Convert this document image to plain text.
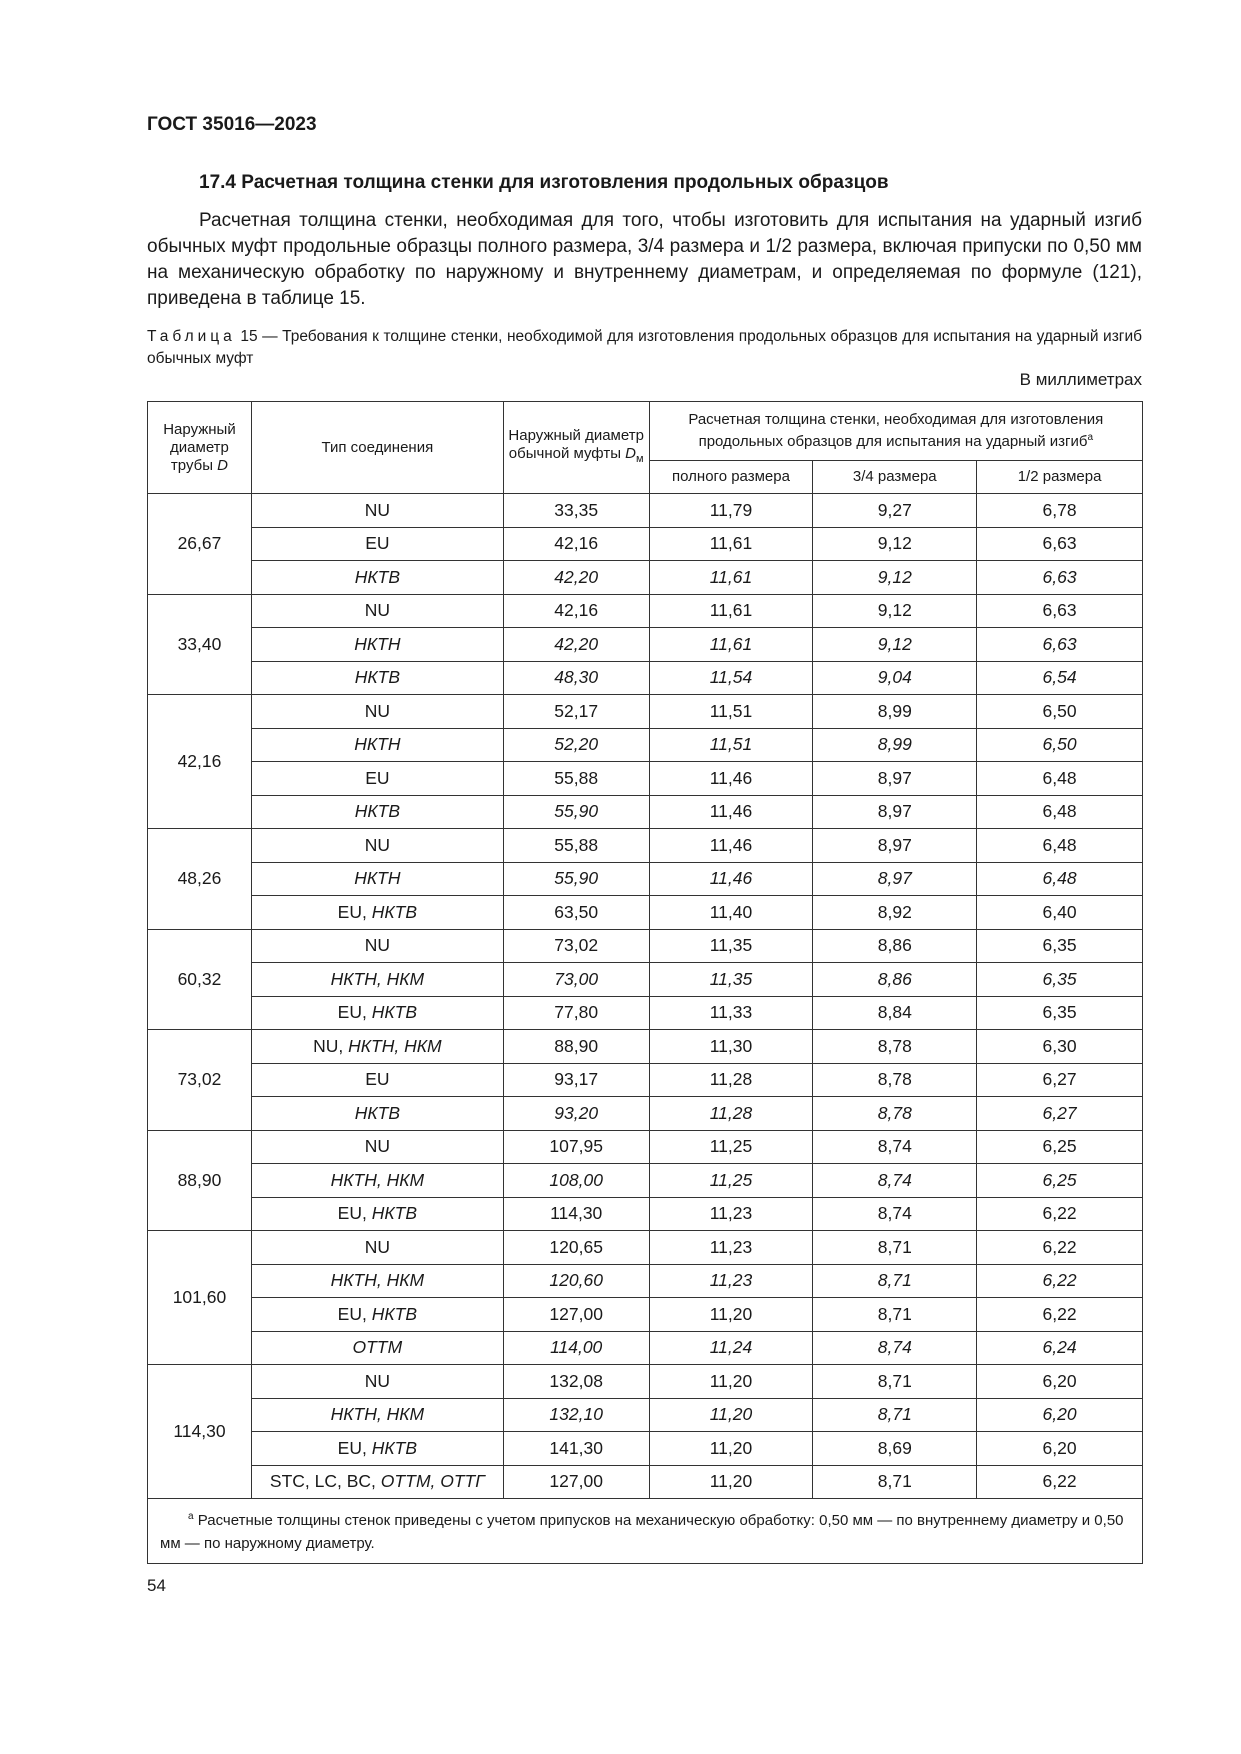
ГОСТ 35016—2023
17.4 Расчетная толщина стенки для изготовления продольных образцов

Расчетная толщина стенки, необходимая для того, чтобы изготовить для испытания на ударный изгиб обычных муфт продольные образцы полного размера, 3/4 размера и 1/2 размера, включая припуски по 0,50 мм на механическую обработку по наружному и внутреннему диаметрам, и определяемая по формуле (121), приведена в таблице 15.

Таблица 15 — Требования к толщине стенки, необходимой для изготовления продольных образцов для испытания на ударный изгиб обычных муфт

В миллиметрах
Наружный диаметр трубы D	Тип соединения	Наружный диаметр обычной муфты $D_м$	Расчетная толщина стенки, необходимая для изготовления продольных образцов для испытания на ударный изгиб$^a$
			полного размера	3/4 размера	1/2 размера
26,67	NU	33,35	11,79	9,27	6,78
	EU	42,16	11,61	9,12	6,63
	НКТВ	42,20	11,61	9,12	6,63
33,40	NU	42,16	11,61	9,12	6,63
	НКТН	42,20	11,61	9,12	6,63
	НКТВ	48,30	11,54	9,04	6,54
42,16	NU	52,17	11,51	8,99	6,50
	НКТН	52,20	11,51	8,99	6,50
	EU	55,88	11,46	8,97	6,48
	НКТВ	55,90	11,46	8,97	6,48
48,26	NU	55,88	11,46	8,97	6,48
	НКТН	55,90	11,46	8,97	6,48
	EU, НКТВ	63,50	11,40	8,92	6,40
60,32	NU	73,02	11,35	8,86	6,35
	НКТН, НКМ	73,00	11,35	8,86	6,35
	EU, НКТВ	77,80	11,33	8,84	6,35
73,02	NU, НКТН, НКМ	88,90	11,30	8,78	6,30
	EU	93,17	11,28	8,78	6,27
	НКТВ	93,20	11,28	8,78	6,27
88,90	NU	107,95	11,25	8,74	6,25
	НКТН, НКМ	108,00	11,25	8,74	6,25
	EU, НКТВ	114,30	11,23	8,74	6,22
101,60	NU	120,65	11,23	8,71	6,22
	НКТН, НКМ	120,60	11,23	8,71	6,22
	EU, НКТВ	127,00	11,20	8,71	6,22
	ОТТМ	114,00	11,24	8,74	6,24
114,30	NU	132,08	11,20	8,71	6,20
	НКТН, НКМ	132,10	11,20	8,71	6,20
	EU, НКТВ	141,30	11,20	8,69	6,20
	STC, LC, BC, ОТТМ, ОТТГ	127,00	11,20	8,71	6,22
$^a$ Расчетные толщины стенок приведены с учетом припусков на механическую обработку: 0,50 мм — по внутреннему диаметру и 0,50 мм — по наружному диаметру.					
54
